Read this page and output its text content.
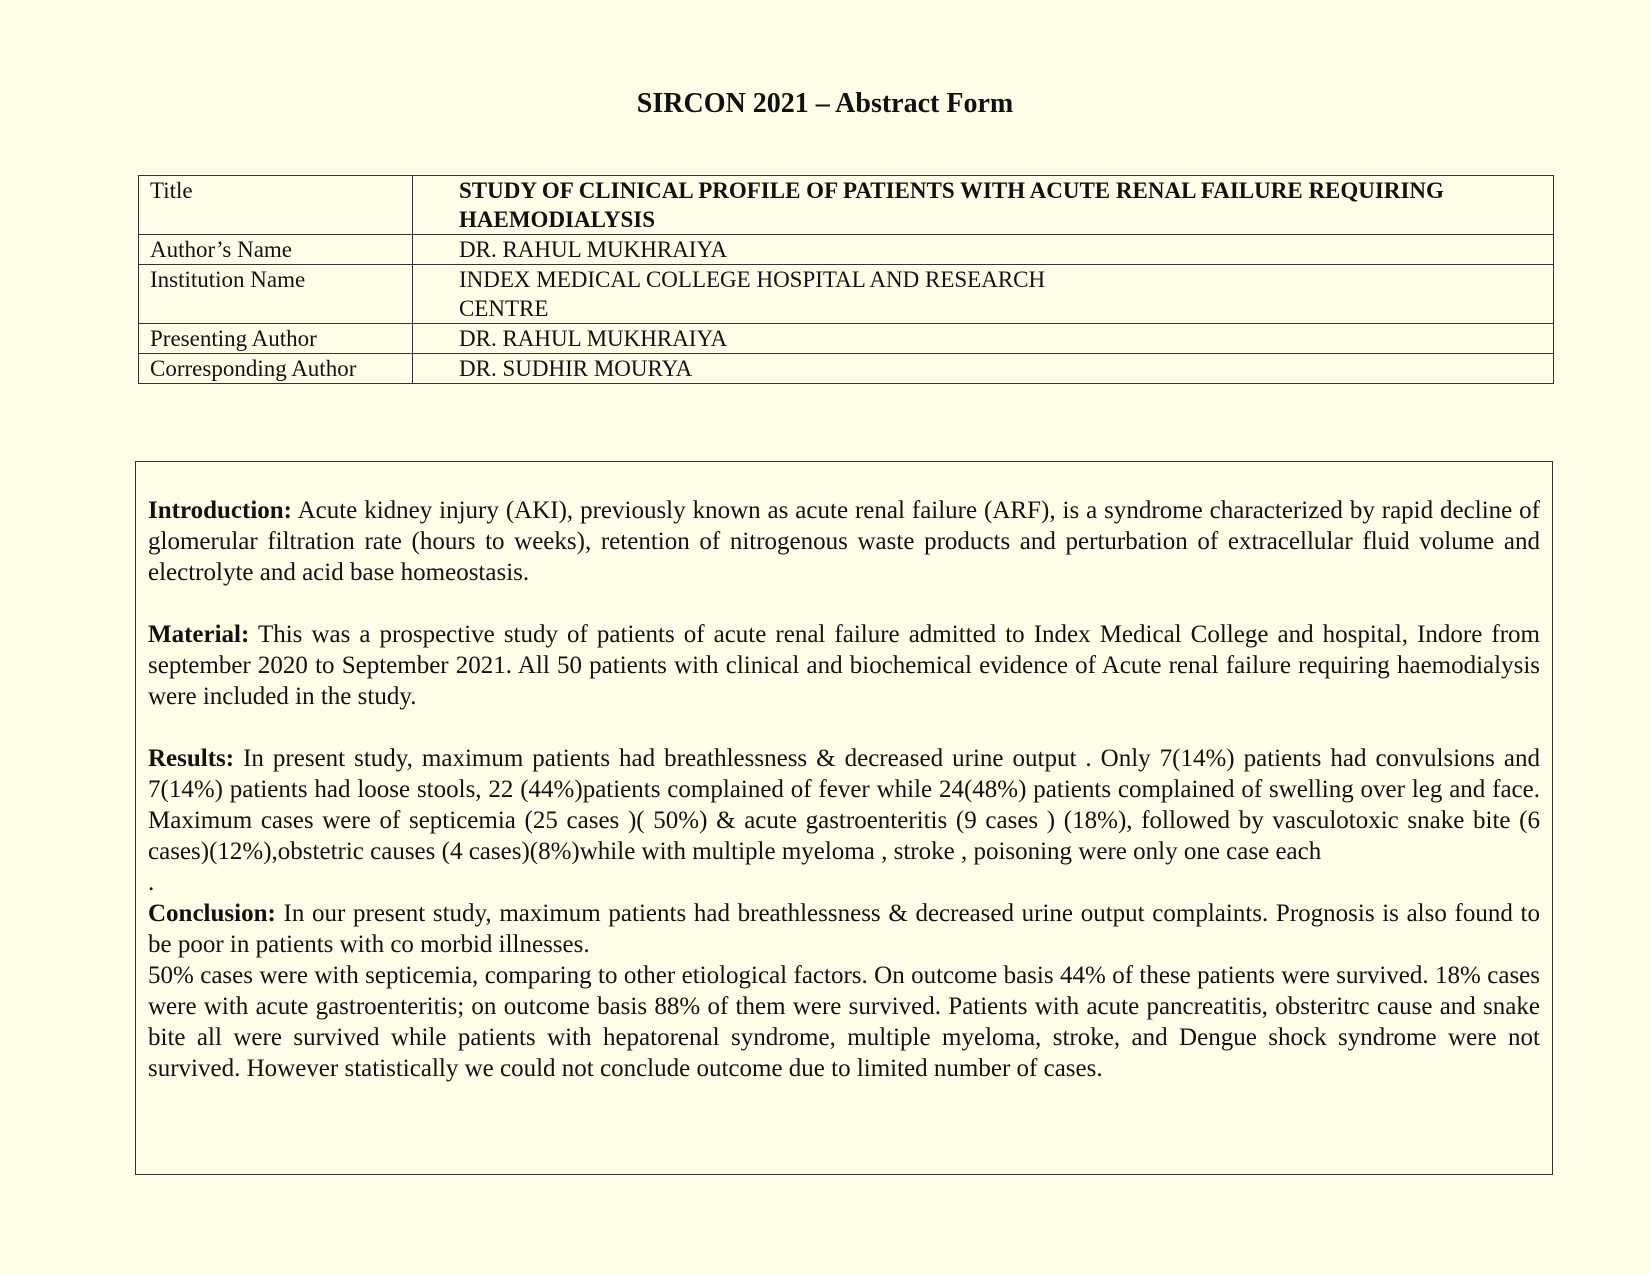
SIRCON 2021 – Abstract Form
Title	STUDY OF CLINICAL PROFILE OF PATIENTS WITH ACUTE RENAL FAILURE REQUIRING HAEMODIALYSIS
Author’s Name	DR. RAHUL MUKHRAIYA
Institution Name	INDEX MEDICAL COLLEGE HOSPITAL AND RESEARCH CENTRE
Presenting Author	DR. RAHUL MUKHRAIYA
Corresponding Author	DR. SUDHIR MOURYA

Introduction: Acute kidney injury (AKI), previously known as acute renal failure (ARF), is a syndrome characterized by rapid decline of glomerular filtration rate (hours to weeks), retention of nitrogenous waste products and perturbation of extracellular fluid volume and electrolyte and acid base homeostasis.

Material: This was a prospective study of patients of acute renal failure admitted to Index Medical College and hospital, Indore from september 2020 to September 2021. All 50 patients with clinical and biochemical evidence of Acute renal failure requiring haemodialysis were included in the study.

Results: In present study, maximum patients had breathlessness & decreased urine output . Only 7(14%) patients had convulsions and 7(14%) patients had loose stools, 22 (44%)patients complained of fever while 24(48%) patients complained of swelling over leg and face. Maximum cases were of septicemia (25 cases )( 50%) & acute gastroenteritis (9 cases ) (18%), followed by vasculotoxic snake bite (6 cases)(12%),obstetric causes (4 cases)(8%)while with multiple myeloma , stroke , poisoning were only one case each

.

Conclusion: In our present study, maximum patients had breathlessness & decreased urine output complaints. Prognosis is also found to be poor in patients with co morbid illnesses.

50% cases were with septicemia, comparing to other etiological factors. On outcome basis 44% of these patients were survived. 18% cases were with acute gastroenteritis; on outcome basis 88% of them were survived. Patients with acute pancreatitis, obsteritrc cause and snake bite all were survived while patients with hepatorenal syndrome, multiple myeloma, stroke, and Dengue shock syndrome were not survived. However statistically we could not conclude outcome due to limited number of cases.
